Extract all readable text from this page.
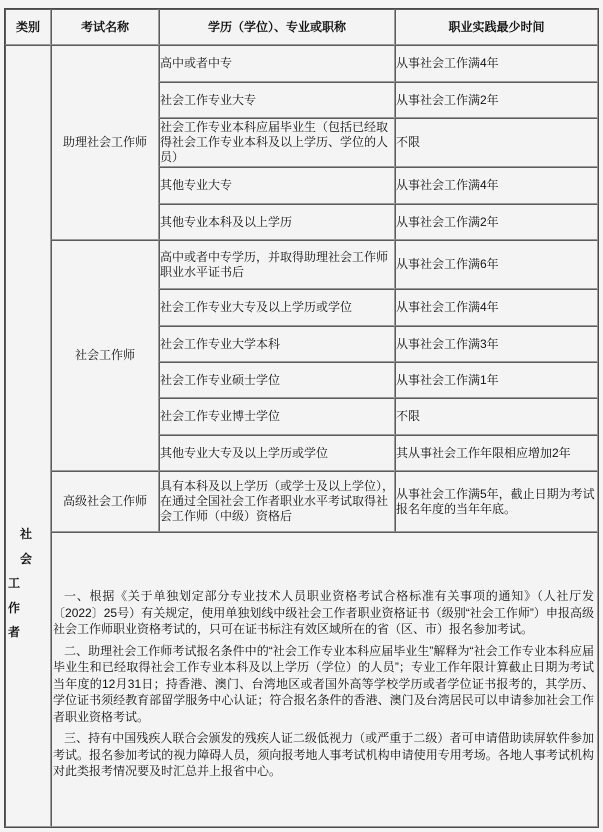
类别	考试名称	学历（学位）、专业或职称	职业实践最少时间

社
会
工
作
者	助理社会工作师	高中或者中专	从事社会工作满4年
		社会工作专业大专	从事社会工作满2年
		社会工作专业本科应届毕业生（包括已经取得社会工作专业本科及以上学历、学位的人员）	不限
		其他专业大专	从事社会工作满4年
		其他专业本科及以上学历	从事社会工作满2年
	社会工作师	高中或者中专学历，并取得助理社会工作师职业水平证书后	从事社会工作满6年
		社会工作专业大专及以上学历或学位	从事社会工作满4年
		社会工作专业大学本科	从事社会工作满3年
		社会工作专业硕士学位	从事社会工作满1年
		社会工作专业博士学位	不限
		其他专业大专及以上学历或学位	其从事社会工作年限相应增加2年
	高级社会工作师	具有本科及以上学历（或学士及以上学位），在通过全国社会工作者职业水平考试取得社会工作师（中级）资格后	从事社会工作满5年，截止日期为考试报名年度的当年年底。

	一、根据《关于单独划定部分专业技术人员职业资格考试合格标准有关事项的通知》（人社厅发〔2022〕25号）有关规定，使用单独划线中级社会工作者职业资格证书（级别“社会工作师”）申报高级社会工作师职业资格考试的，只可在证书标注有效区域所在的省（区、市）报名参加考试。

二、助理社会工作师考试报名条件中的“社会工作专业本科应届毕业生”解释为“社会工作专业本科应届毕业生和已经取得社会工作专业本科及以上学历（学位）的人员”；专业工作年限计算截止日期为考试当年度的12月31日；持香港、澳门、台湾地区或者国外高等学校学历或者学位证书报考的，其学历、学位证书须经教育部留学服务中心认证；符合报名条件的香港、澳门及台湾居民可以申请参加社会工作者职业资格考试。

三、持有中国残疾人联合会颁发的残疾人证二级低视力（或严重于二级）者可申请借助读屏软件参加考试。报名参加考试的视力障碍人员，须向报考地人事考试机构申请使用专用考场。各地人事考试机构对此类报考情况要及时汇总并上报省中心。		
